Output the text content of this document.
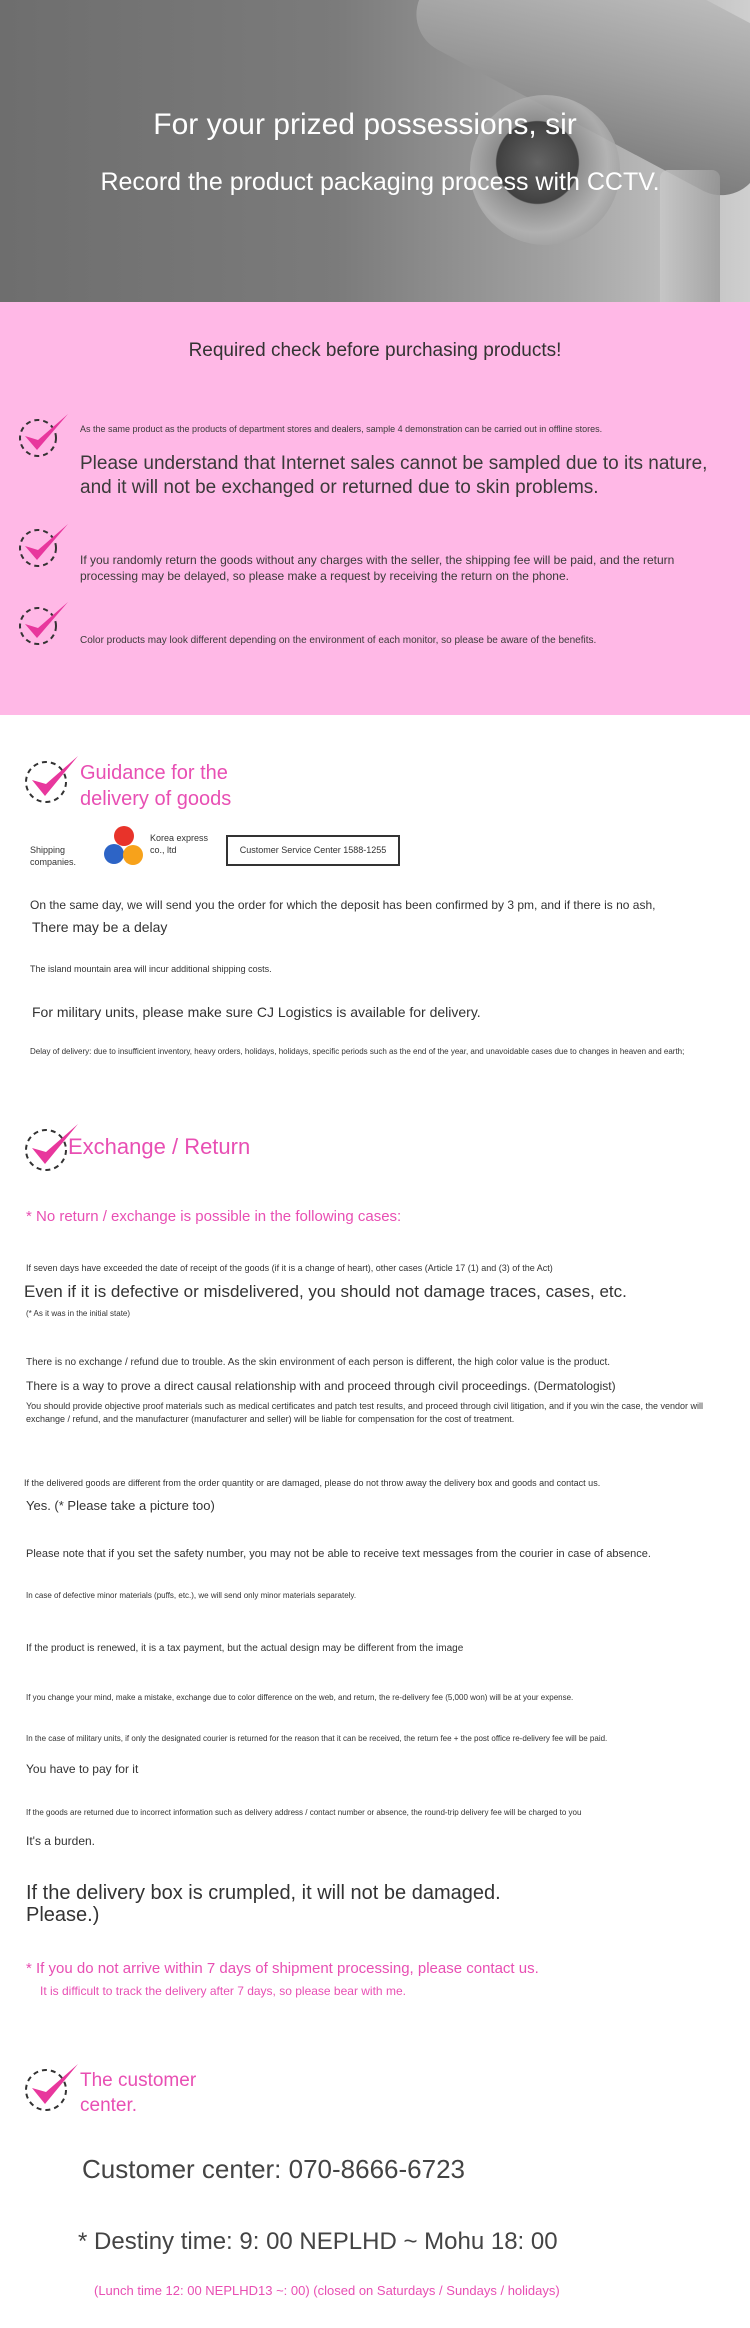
For your prized possessions, sir
Record the product packaging process with CCTV.
Required check before purchasing products!
As the same product as the products of department stores and dealers, sample 4 demonstration can be carried out in offline stores.
Please understand that Internet sales cannot be sampled due to its nature, and it will not be exchanged or returned due to skin problems.
If you randomly return the goods without any charges with the seller, the shipping fee will be paid, and the return processing may be delayed, so please make a request by receiving the return on the phone.
Color products may look different depending on the environment of each monitor, so please be aware of the benefits.
Guidance for the
delivery of goods
Shipping companies.
Korea express co., ltd	Customer Service Center 1588-1255
On the same day, we will send you the order for which the deposit has been confirmed by 3 pm, and if there is no ash,
There may be a delay
The island mountain area will incur additional shipping costs.
For military units, please make sure CJ Logistics is available for delivery.
Delay of delivery: due to insufficient inventory, heavy orders, holidays, holidays, specific periods such as the end of the year, and unavoidable cases due to changes in heaven and earth;
Exchange / Return
* No return / exchange is possible in the following cases:
If seven days have exceeded the date of receipt of the goods (if it is a change of heart), other cases (Article 17 (1) and (3) of the Act)
Even if it is defective or misdelivered, you should not damage traces, cases, etc.
(* As it was in the initial state)
There is no exchange / refund due to trouble. As the skin environment of each person is different, the high color value is the product.
There is a way to prove a direct causal relationship with and proceed through civil proceedings. (Dermatologist)
You should provide objective proof materials such as medical certificates and patch test results, and proceed through civil litigation, and if you win the case, the vendor will exchange / refund, and the manufacturer (manufacturer and seller) will be liable for compensation for the cost of treatment.
If the delivered goods are different from the order quantity or are damaged, please do not throw away the delivery box and goods and contact us.
Yes. (* Please take a picture too)
Please note that if you set the safety number, you may not be able to receive text messages from the courier in case of absence.
In case of defective minor materials (puffs, etc.), we will send only minor materials separately.
If the product is renewed, it is a tax payment, but the actual design may be different from the image
If you change your mind, make a mistake, exchange due to color difference on the web, and return, the re-delivery fee (5,000 won) will be at your expense.
In the case of military units, if only the designated courier is returned for the reason that it can be received, the return fee + the post office re-delivery fee will be paid.
You have to pay for it
If the goods are returned due to incorrect information such as delivery address / contact number or absence, the round-trip delivery fee will be charged to you
It's a burden.
If the delivery box is crumpled, it will not be damaged.
Please.)
* If you do not arrive within 7 days of shipment processing, please contact us.
It is difficult to track the delivery after 7 days, so please bear with me.
The customer
center.
Customer center: 070-8666-6723
* Destiny time: 9: 00 NEPLHD ~ Mohu 18: 00
(Lunch time 12: 00 NEPLHD13 ~: 00) (closed on Saturdays / Sundays / holidays)
